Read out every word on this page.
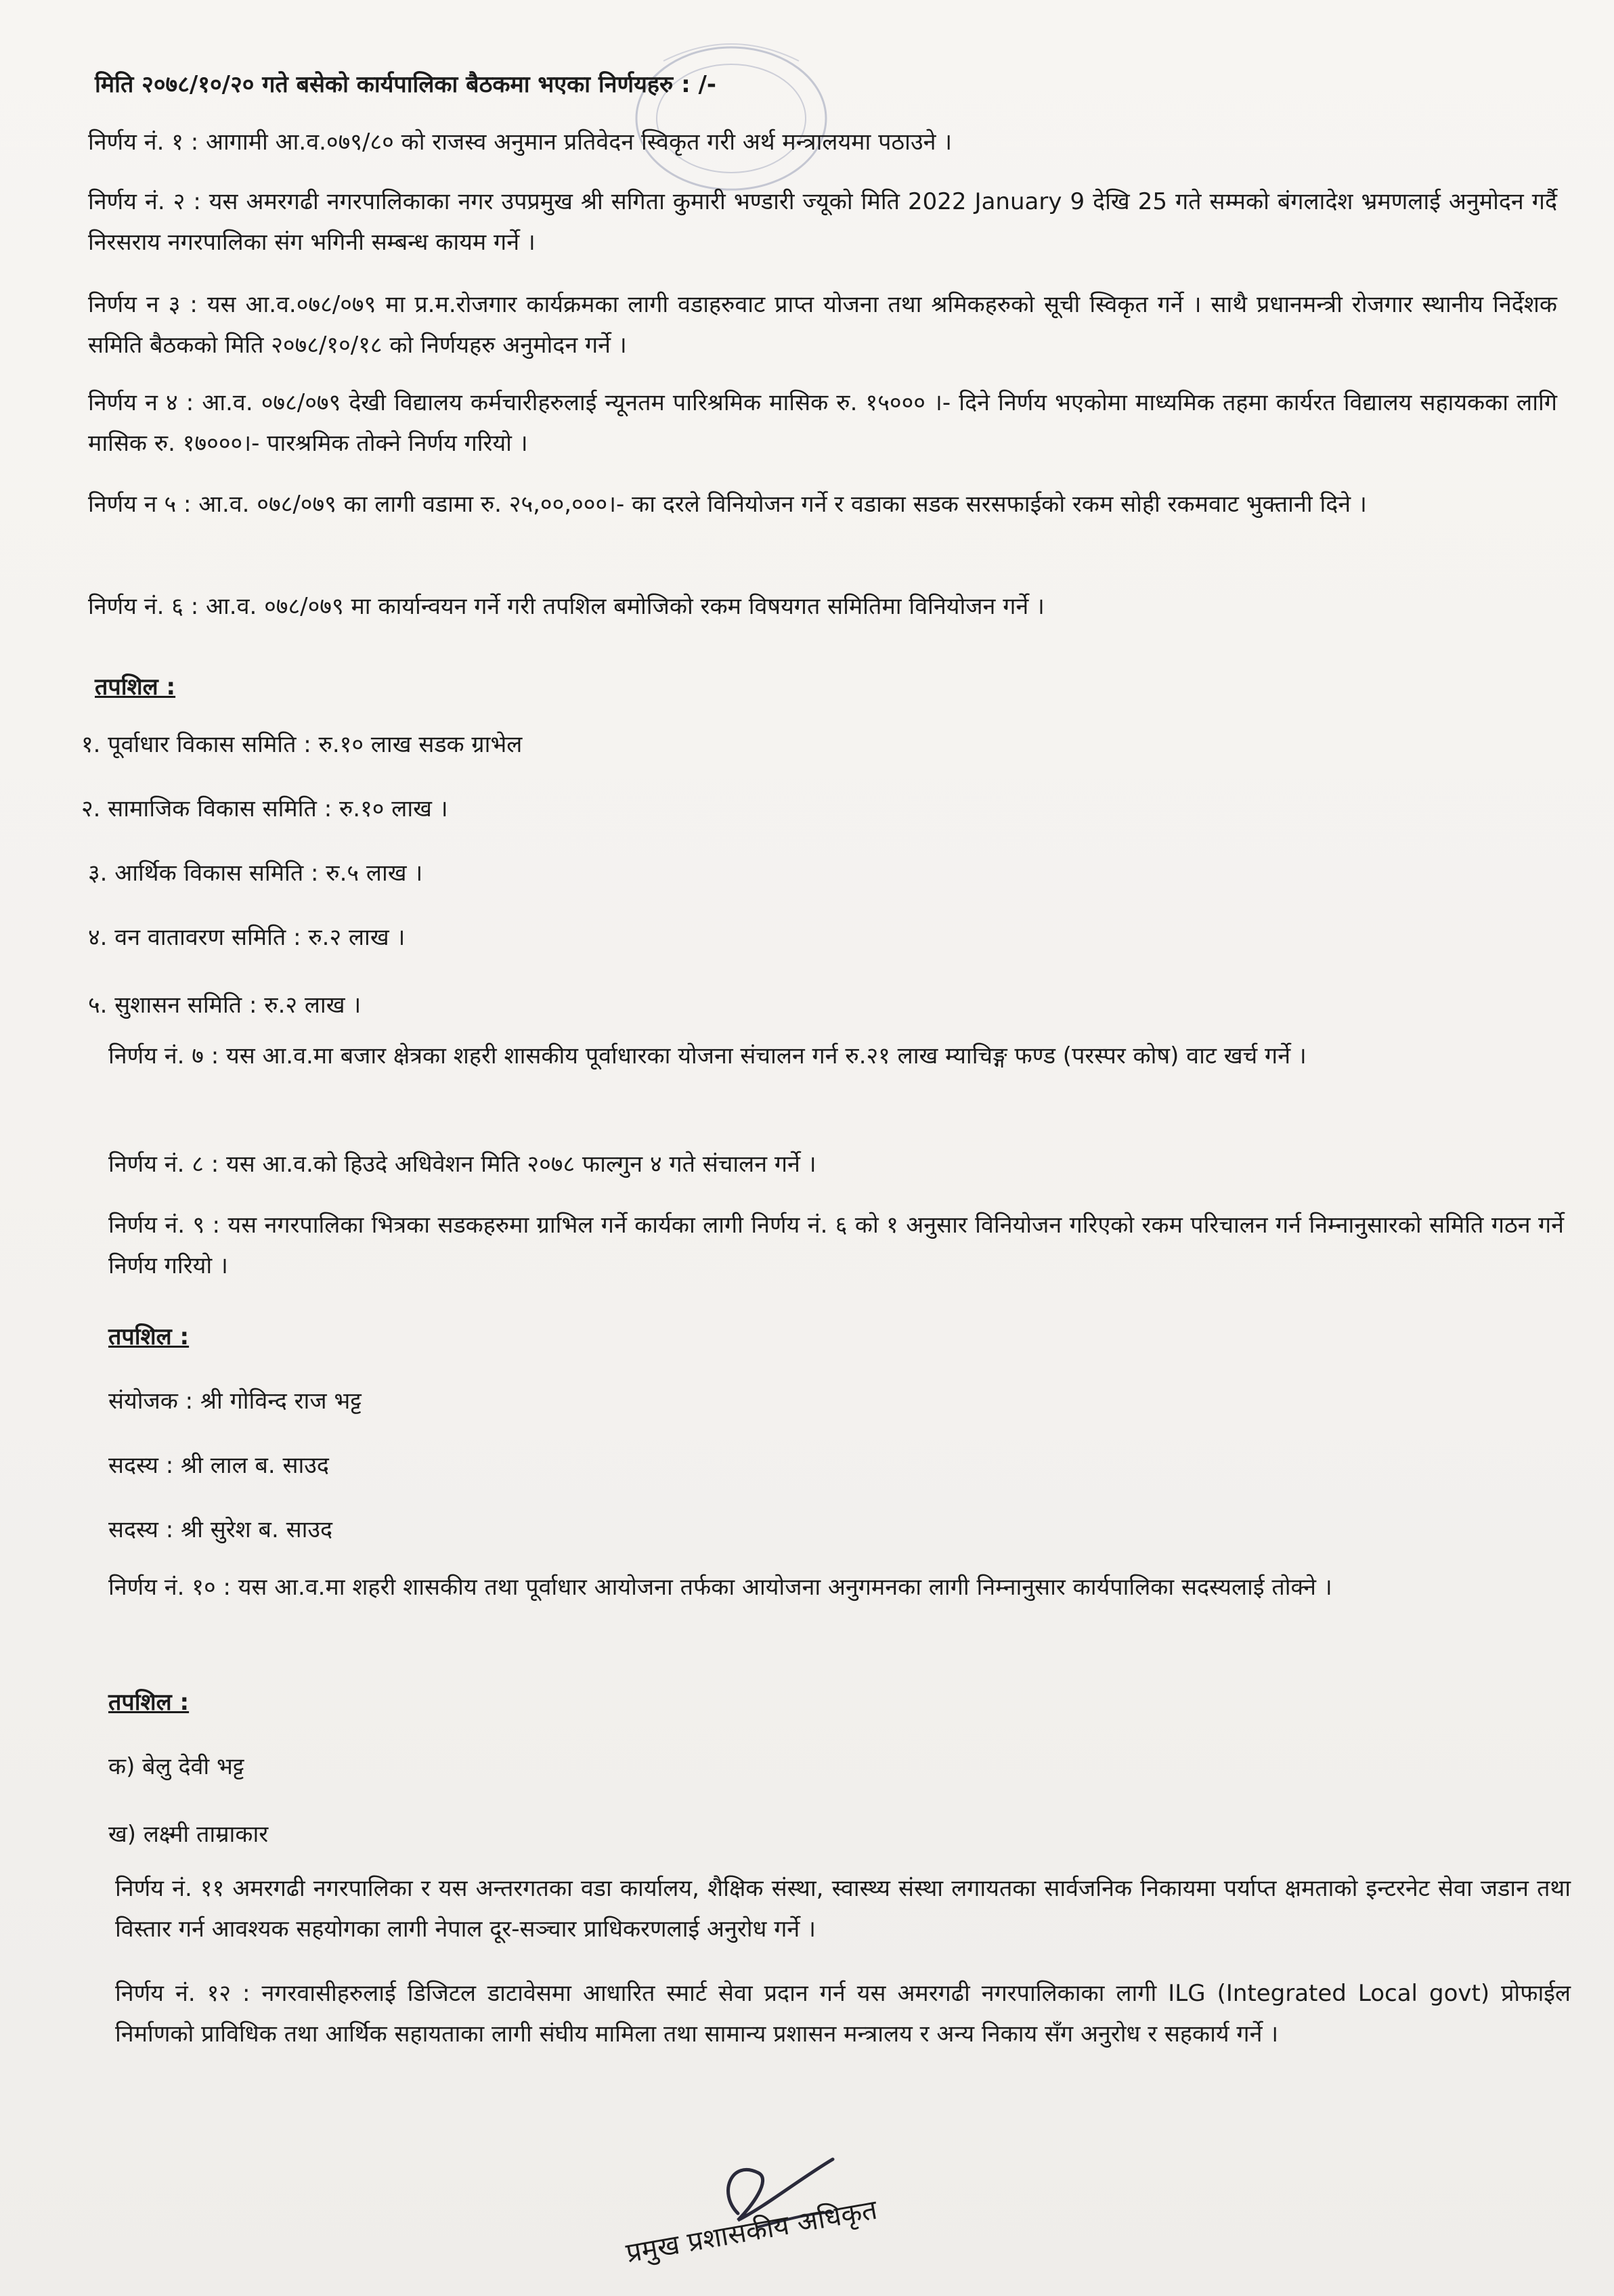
मिति २०७८/१०/२० गते बसेको कार्यपालिका बैठकमा भएका निर्णयहरु : /-
निर्णय नं. १ : आगामी आ.व.०७९/८० को राजस्व अनुमान प्रतिवेदन स्विकृत गरी अर्थ मन्त्रालयमा पठाउने ।
निर्णय नं. २ : यस अमरगढी नगरपालिकाका नगर उपप्रमुख श्री सगिता कुमारी भण्डारी ज्यूको मिति 2022 January 9 देखि 25 गते सम्मको बंगलादेश भ्रमणलाई अनुमोदन गर्दै निरसराय नगरपालिका संग भगिनी सम्बन्ध कायम गर्ने ।
निर्णय न ३ : यस आ.व.०७८/०७९ मा प्र.म.रोजगार कार्यक्रमका लागी वडाहरुवाट प्राप्त योजना तथा श्रमिकहरुको सूची स्विकृत गर्ने । साथै प्रधानमन्त्री रोजगार स्थानीय निर्देशक समिति बैठकको मिति २०७८/१०/१८ को निर्णयहरु अनुमोदन गर्ने ।
निर्णय न ४ : आ.व. ०७८/०७९ देखी विद्यालय कर्मचारीहरुलाई न्यूनतम पारिश्रमिक मासिक रु. १५००० ।- दिने निर्णय भएकोमा माध्यमिक तहमा कार्यरत विद्यालय सहायकका लागि मासिक रु. १७०००।- पारश्रमिक तोक्ने निर्णय गरियो ।
निर्णय न ५ : आ.व. ०७८/०७९ का लागी वडामा रु. २५,००,०००।- का दरले विनियोजन गर्ने र वडाका सडक सरसफाईको रकम सोही रकमवाट भुक्तानी दिने ।
निर्णय नं. ६ : आ.व. ०७८/०७९ मा कार्यान्वयन गर्ने गरी तपशिल बमोजिको रकम विषयगत समितिमा विनियोजन गर्ने ।
तपशिल :
१. पूर्वाधार विकास समिति : रु.१० लाख सडक ग्राभेल
२. सामाजिक विकास समिति : रु.१० लाख ।
३. आर्थिक विकास समिति : रु.५ लाख ।
४. वन वातावरण समिति : रु.२ लाख ।
५. सुशासन समिति : रु.२ लाख ।
निर्णय नं. ७ : यस आ.व.मा बजार क्षेत्रका शहरी शासकीय पूर्वाधारका योजना संचालन गर्न रु.२१ लाख म्याचिङ्ग फण्ड (परस्पर कोष) वाट खर्च गर्ने ।
निर्णय नं. ८ : यस आ.व.को हिउदे अधिवेशन मिति २०७८ फाल्गुन ४ गते संचालन गर्ने ।
निर्णय नं. ९ : यस नगरपालिका भित्रका सडकहरुमा ग्राभिल गर्ने कार्यका लागी निर्णय नं. ६ को १ अनुसार विनियोजन गरिएको रकम परिचालन गर्न निम्नानुसारको समिति गठन गर्ने निर्णय गरियो ।
तपशिल :
संयोजक : श्री गोविन्द राज भट्ट
सदस्य : श्री लाल ब. साउद
सदस्य : श्री सुरेश ब. साउद
निर्णय नं. १० : यस आ.व.मा शहरी शासकीय तथा पूर्वाधार आयोजना तर्फका आयोजना अनुगमनका लागी निम्नानुसार कार्यपालिका सदस्यलाई तोक्ने ।
तपशिल :
क) बेलु देवी भट्ट
ख) लक्ष्मी ताम्राकार
निर्णय नं. ११ अमरगढी नगरपालिका र यस अन्तरगतका वडा कार्यालय, शैक्षिक संस्था, स्वास्थ्य संस्था लगायतका सार्वजनिक निकायमा पर्याप्त क्षमताको इन्टरनेट सेवा जडान तथा विस्तार गर्न आवश्यक सहयोगका लागी नेपाल दूर-सञ्चार प्राधिकरणलाई अनुरोध गर्ने ।
निर्णय नं. १२ : नगरवासीहरुलाई डिजिटल डाटावेसमा आधारित स्मार्ट सेवा प्रदान गर्न यस अमरगढी नगरपालिकाका लागी ILG (Integrated Local govt) प्रोफाईल निर्माणको प्राविधिक तथा आर्थिक सहायताका लागी संघीय मामिला तथा सामान्य प्रशासन मन्त्रालय र अन्य निकाय सँग अनुरोध र सहकार्य गर्ने ।
प्रमुख प्रशासकीय अधिकृत
